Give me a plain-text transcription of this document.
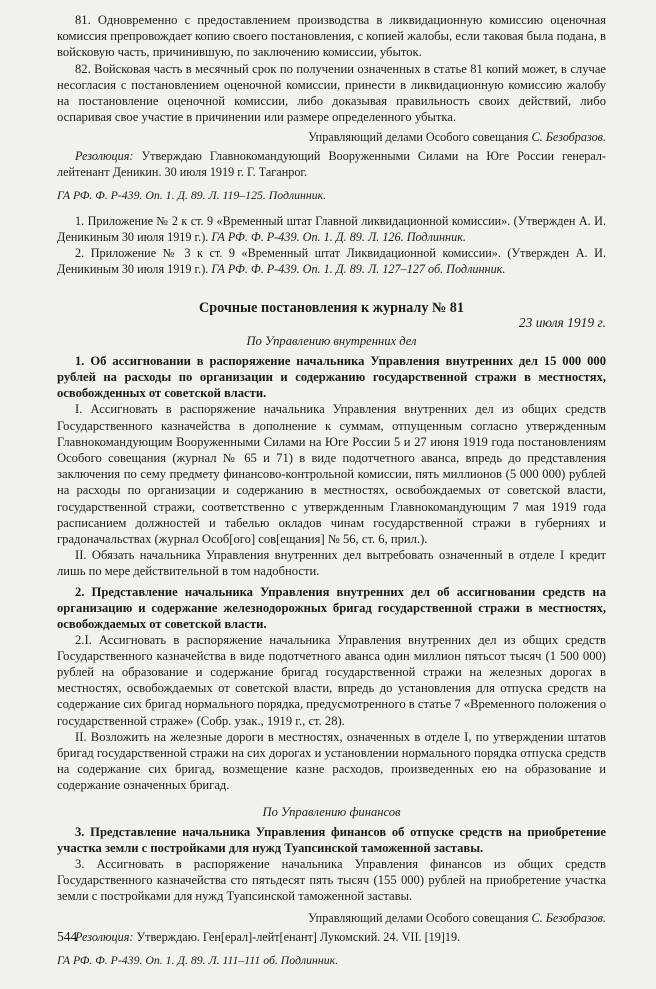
81. Одновременно с предоставлением производства в ликвидационную комиссию оценочная комиссия препровождает копию своего постановления, с копией жалобы, если таковая была подана, в войсковую часть, причинившую, по заключению комиссии, убыток.

82. Войсковая часть в месячный срок по получении означенных в статье 81 копий может, в случае несогласия с постановлением оценочной комиссии, принести в ликвидационную комиссию жалобу на постановление оценочной комиссии, либо доказывая правильность своих действий, либо оспаривая свое участие в причинении или размере определенного убытка.

Управляющий делами Особого совещания С. Безобразов.

Резолюция: Утверждаю Главнокомандующий Вооруженными Силами на Юге России генерал-лейтенант Деникин. 30 июля 1919 г. Г. Таганрог.

ГА РФ. Ф. Р-439. Оп. 1. Д. 89. Л. 119–125. Подлинник.

1. Приложение № 2 к ст. 9 «Временный штат Главной ликвидационной комиссии». (Утвержден А. И. Деникиным 30 июля 1919 г.). ГА РФ. Ф. Р-439. Оп. 1. Д. 89. Л. 126. Подлинник.

2. Приложение № 3 к ст. 9 «Временный штат Ликвидационной комиссии». (Утвержден А. И. Деникиным 30 июля 1919 г.). ГА РФ. Ф. Р-439. Оп. 1. Д. 89. Л. 127–127 об. Подлинник.

Срочные постановления к журналу № 81

23 июля 1919 г.

По Управлению внутренних дел

1. Об ассигновании в распоряжение начальника Управления внутренних дел 15 000 000 рублей на расходы по организации и содержанию государственной стражи в местностях, освобожденных от советской власти.

I. Ассигновать в распоряжение начальника Управления внутренних дел из общих средств Государственного казначейства в дополнение к суммам, отпущенным согласно утвержденным Главнокомандующим Вооруженными Силами на Юге России 5 и 27 июня 1919 года постановлениям Особого совещания (журнал № 65 и 71) в виде подотчетного аванса, впредь до представления заключения по сему предмету финансово-контрольной комиссии, пять миллионов (5 000 000) рублей на расходы по организации и содержанию в местностях, освобождаемых от советской власти, государственной стражи, соответственно с утвержденным Главнокомандующим 7 мая 1919 года расписанием должностей и табелью окладов чинам государственной стражи в губерниях и градоначальствах (журнал Особ[ого] сов[ещания] № 56, ст. 6, прил.).

II. Обязать начальника Управления внутренних дел вытребовать означенный в отделе I кредит лишь по мере действительной в том надобности.

2. Представление начальника Управления внутренних дел об ассигновании средств на организацию и содержание железнодорожных бригад государственной стражи в местностях, освобождаемых от советской власти.

2.I. Ассигновать в распоряжение начальника Управления внутренних дел из общих средств Государственного казначейства в виде подотчетного аванса один миллион пятьсот тысяч (1 500 000) рублей на образование и содержание бригад государственной стражи на железных дорогах в местностях, освобождаемых от советской власти, впредь до установления для отпуска средств на содержание сих бригад нормального порядка, предусмотренного в статье 7 «Временного положения о государственной страже» (Собр. узак., 1919 г., ст. 28).

II. Возложить на железные дороги в местностях, означенных в отделе I, по утверждении штатов бригад государственной стражи на сих дорогах и установлении нормального порядка отпуска средств на содержание сих бригад, возмещение казне расходов, произведенных ею на образование и содержание означенных бригад.

По Управлению финансов

3. Представление начальника Управления финансов об отпуске средств на приобретение участка земли с постройками для нужд Туапсинской таможенной заставы.

3. Ассигновать в распоряжение начальника Управления финансов из общих средств Государственного казначейства сто пятьдесят пять тысяч (155 000) рублей на приобретение участка земли с постройками для нужд Туапсинской таможенной заставы.

Управляющий делами Особого совещания С. Безобразов.

Резолюция: Утверждаю. Ген[ерал]-лейт[енант] Лукомский. 24. VII. [19]19.

ГА РФ. Ф. Р-439. Оп. 1. Д. 89. Л. 111–111 об. Подлинник.

544
